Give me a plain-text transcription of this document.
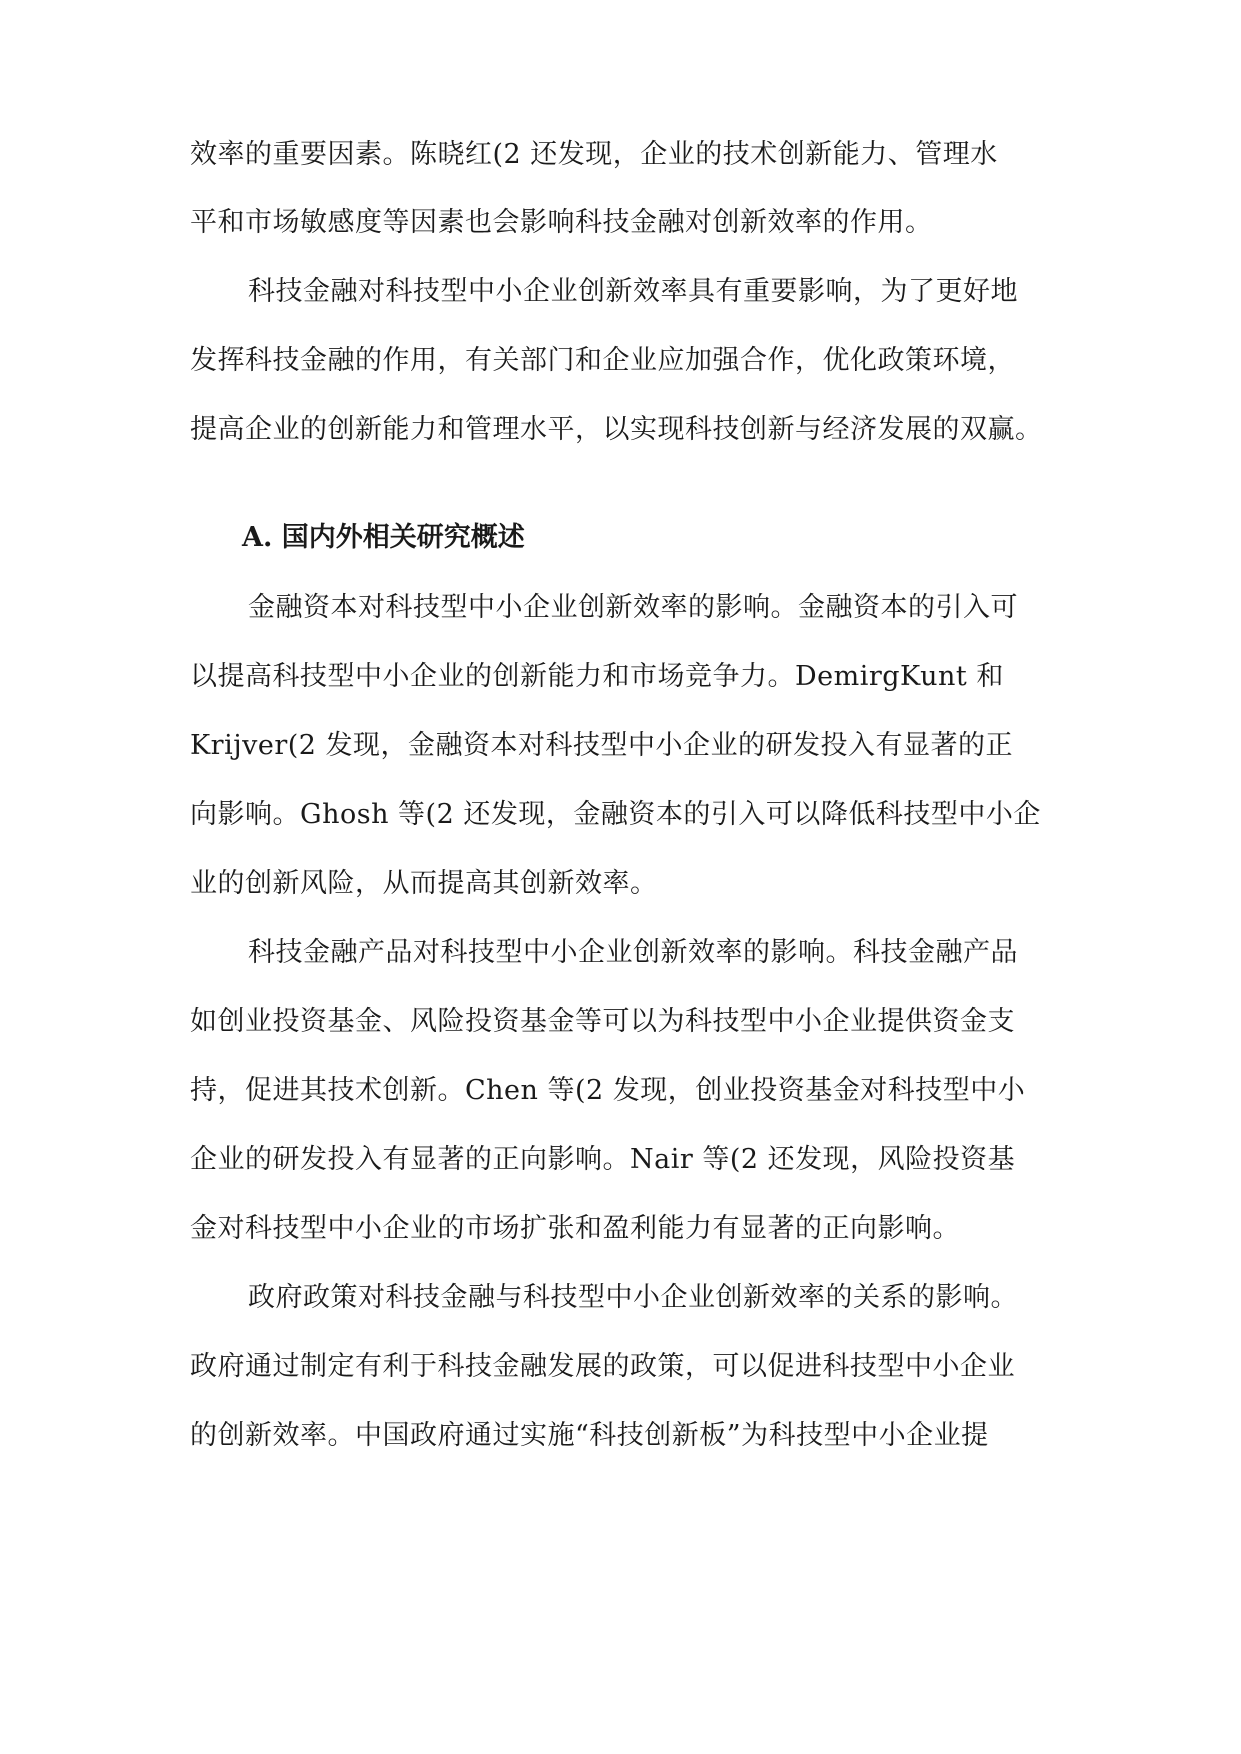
效率的重要因素。陈晓红(2 还发现，企业的技术创新能力、管理水
平和市场敏感度等因素也会影响科技金融对创新效率的作用。
科技金融对科技型中小企业创新效率具有重要影响，为了更好地
发挥科技金融的作用，有关部门和企业应加强合作，优化政策环境，
提高企业的创新能力和管理水平，以实现科技创新与经济发展的双赢。
A. 国内外相关研究概述
金融资本对科技型中小企业创新效率的影响。金融资本的引入可
以提高科技型中小企业的创新能力和市场竞争力。DemirgKunt 和
Krijver(2 发现，金融资本对科技型中小企业的研发投入有显著的正
向影响。Ghosh 等(2 还发现，金融资本的引入可以降低科技型中小企
业的创新风险，从而提高其创新效率。
科技金融产品对科技型中小企业创新效率的影响。科技金融产品
如创业投资基金、风险投资基金等可以为科技型中小企业提供资金支
持，促进其技术创新。Chen 等(2 发现，创业投资基金对科技型中小
企业的研发投入有显著的正向影响。Nair 等(2 还发现，风险投资基
金对科技型中小企业的市场扩张和盈利能力有显著的正向影响。
政府政策对科技金融与科技型中小企业创新效率的关系的影响。
政府通过制定有利于科技金融发展的政策，可以促进科技型中小企业
的创新效率。中国政府通过实施“科技创新板”为科技型中小企业提
